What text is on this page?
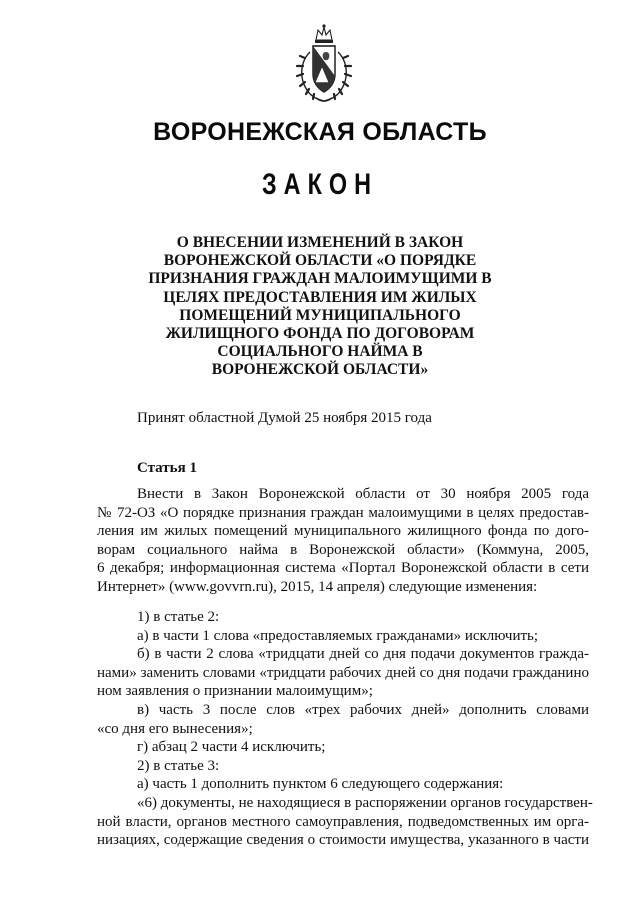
ВОРОНЕЖСКАЯ ОБЛАСТЬ
ЗАКОН
О ВНЕСЕНИИ ИЗМЕНЕНИЙ В ЗАКОН
ВОРОНЕЖСКОЙ ОБЛАСТИ «О ПОРЯДКЕ
ПРИЗНАНИЯ ГРАЖДАН МАЛОИМУЩИМИ В
ЦЕЛЯХ ПРЕДОСТАВЛЕНИЯ ИМ ЖИЛЫХ
ПОМЕЩЕНИЙ МУНИЦИПАЛЬНОГО
ЖИЛИЩНОГО ФОНДА ПО ДОГОВОРАМ
СОЦИАЛЬНОГО НАЙМА В
ВОРОНЕЖСКОЙ ОБЛАСТИ»
Принят областной Думой 25 ноября 2015 года
Статья 1
Внести в Закон Воронежской области от 30 ноября 2005 года
№ 72-ОЗ «О порядке признания граждан малоимущими в целях предостав-
ления им жилых помещений муниципального жилищного фонда по дого-
ворам социального найма в Воронежской области» (Коммуна, 2005,
6 декабря; информационная система «Портал Воронежской области в сети
Интернет» (www.govvrn.ru), 2015, 14 апреля) следующие изменения:
1) в статье 2:
а) в части 1 слова «предоставляемых гражданами» исключить;
б) в части 2 слова «тридцати дней со дня подачи документов гражда-
нами» заменить словами «тридцати рабочих дней со дня подачи гражданино
ном заявления о признании малоимущим»;
в) часть 3 после слов «трех рабочих дней» дополнить словами
«со дня его вынесения»;
г) абзац 2 части 4 исключить;
2) в статье 3:
а) часть 1 дополнить пунктом 6 следующего содержания:
«6) документы, не находящиеся в распоряжении органов государствен-
ной власти, органов местного самоуправления, подведомственных им орга-
низациях, содержащие сведения о стоимости имущества, указанного в части
